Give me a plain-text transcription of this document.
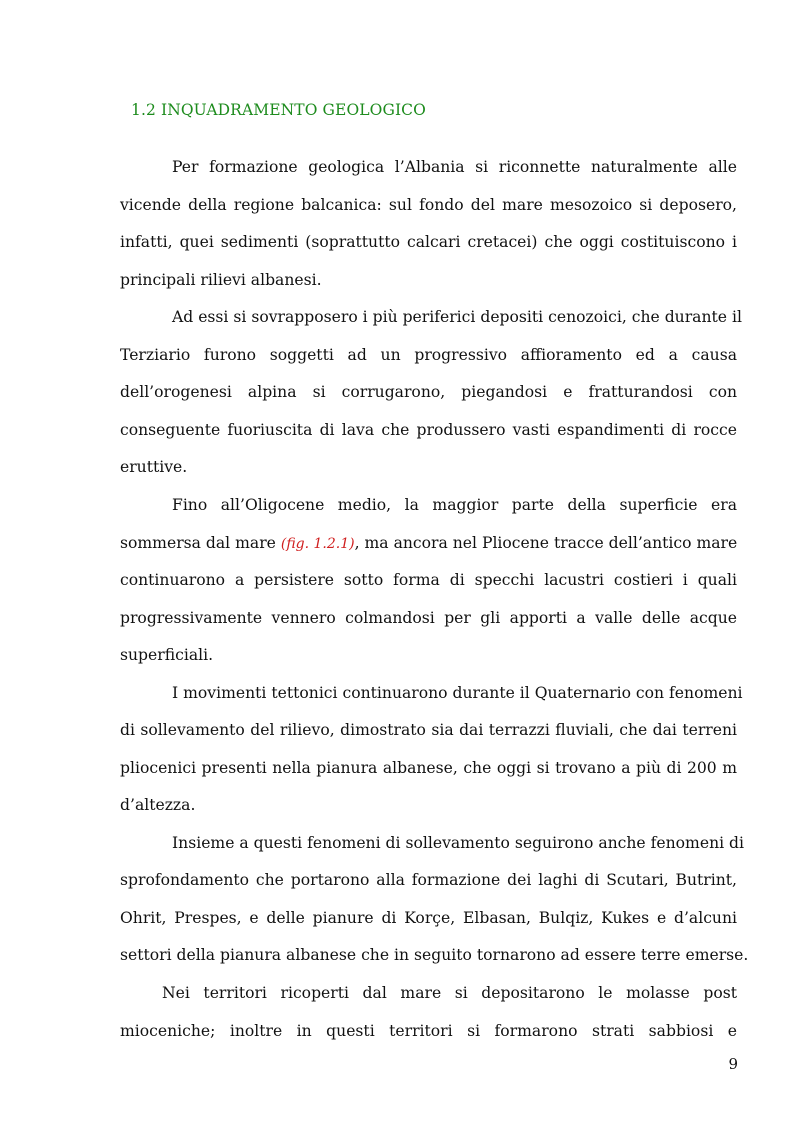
1.2 INQUADRAMENTO GEOLOGICO
Per formazione geologica l’Albania si riconnette naturalmente alle
vicende della regione balcanica: sul fondo del mare mesozoico si deposero,
infatti, quei sedimenti (soprattutto calcari cretacei) che oggi costituiscono i
principali rilievi albanesi.
Ad essi si sovrapposero i più periferici depositi cenozoici, che durante il
Terziario furono soggetti ad un progressivo affioramento ed a causa
dell’orogenesi alpina si corrugarono, piegandosi e fratturandosi con
conseguente fuoriuscita di lava che produssero vasti espandimenti di rocce
eruttive.
Fino all’Oligocene medio, la maggior parte della superficie era
sommersa dal mare (fig. 1.2.1), ma ancora nel Pliocene tracce dell’antico mare
continuarono a persistere sotto forma di specchi lacustri costieri i quali
progressivamente vennero colmandosi per gli apporti a valle delle acque
superficiali.
I movimenti tettonici continuarono durante il Quaternario con fenomeni
di sollevamento del rilievo, dimostrato sia dai terrazzi fluviali, che dai terreni
pliocenici presenti nella pianura albanese, che oggi si trovano a più di 200 m
d’altezza.
Insieme a questi fenomeni di sollevamento seguirono anche fenomeni di
sprofondamento che portarono alla formazione dei laghi di Scutari, Butrint,
Ohrit, Prespes, e delle pianure di Korçe, Elbasan, Bulqiz, Kukes e d’alcuni
settori della pianura albanese che in seguito tornarono ad essere terre emerse.
Nei territori ricoperti dal mare si depositarono le molasse post
mioceniche; inoltre in questi territori si formarono strati sabbiosi e
9
